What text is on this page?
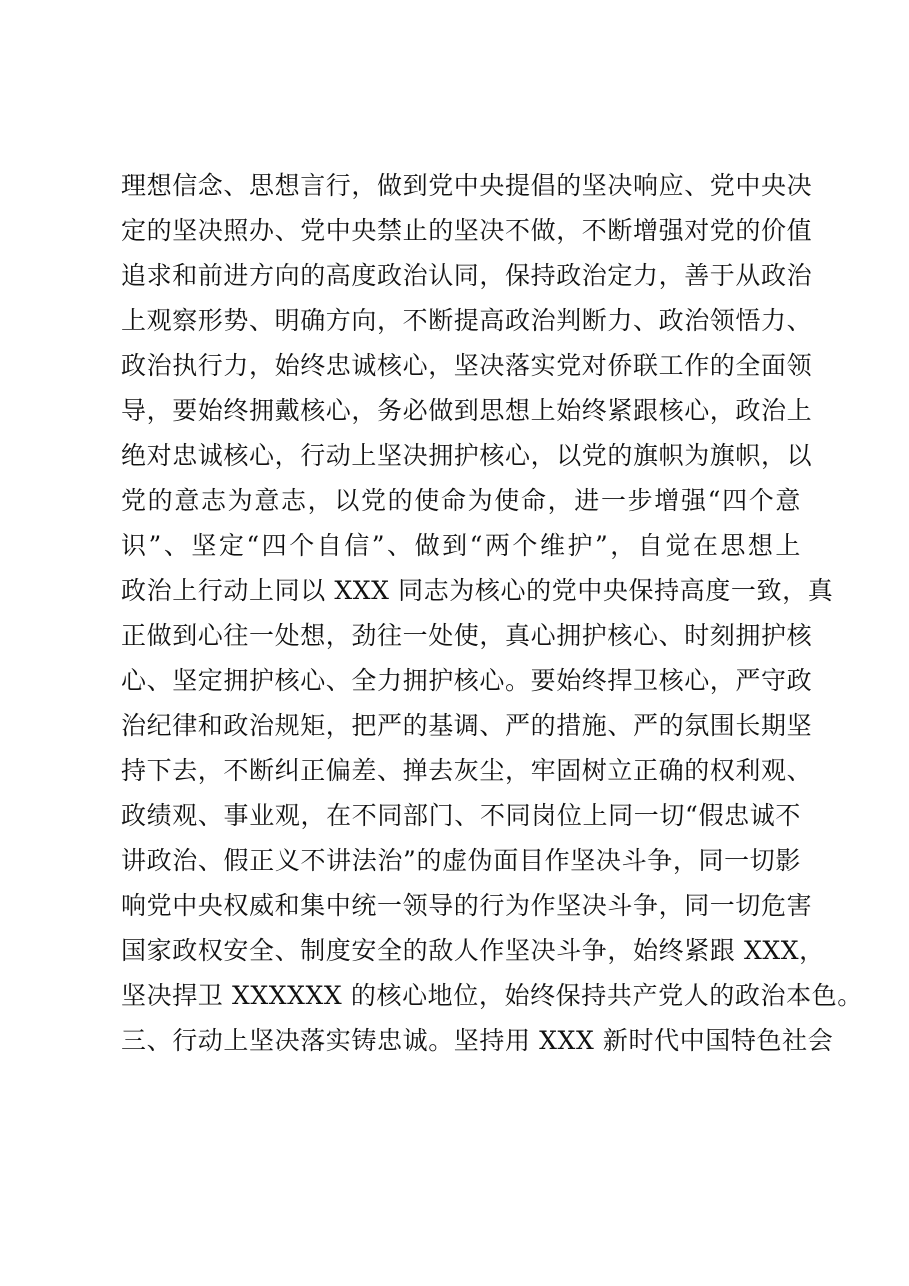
理想信念、思想言行，做到党中央提倡的坚决响应、党中央决
定的坚决照办、党中央禁止的坚决不做，不断增强对党的价值
追求和前进方向的高度政治认同，保持政治定力，善于从政治
上观察形势、明确方向，不断提高政治判断力、政治领悟力、
政治执行力，始终忠诚核心，坚决落实党对侨联工作的全面领
导，要始终拥戴核心，务必做到思想上始终紧跟核心，政治上
绝对忠诚核心，行动上坚决拥护核心，以党的旗帜为旗帜，以
党的意志为意志，以党的使命为使命，进一步增强“四个意
识”、坚定“四个自信”、做到“两个维护”，自觉在思想上
政治上行动上同以 XXX 同志为核心的党中央保持高度一致，真
正做到心往一处想，劲往一处使，真心拥护核心、时刻拥护核
心、坚定拥护核心、全力拥护核心。要始终捍卫核心，严守政
治纪律和政治规矩，把严的基调、严的措施、严的氛围长期坚
持下去，不断纠正偏差、掸去灰尘，牢固树立正确的权利观、
政绩观、事业观，在不同部门、不同岗位上同一切“假忠诚不
讲政治、假正义不讲法治”的虚伪面目作坚决斗争，同一切影
响党中央权威和集中统一领导的行为作坚决斗争，同一切危害
国家政权安全、制度安全的敌人作坚决斗争，始终紧跟 XXX，
坚决捍卫 XXXXXX 的核心地位，始终保持共产党人的政治本色。
三、行动上坚决落实铸忠诚。坚持用 XXX 新时代中国特色社会
